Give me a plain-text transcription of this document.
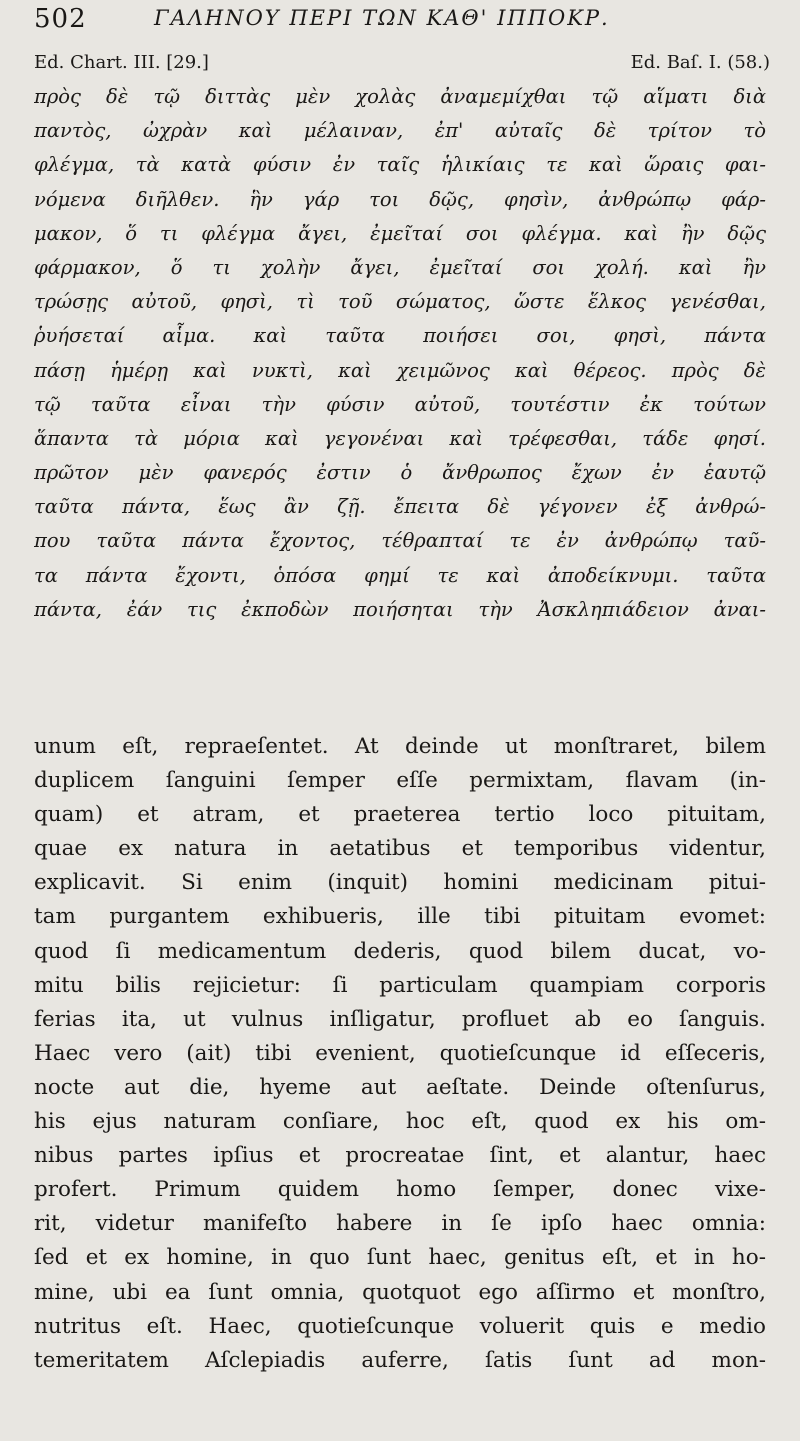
502	ΓΑΛΗΝΟΥ ΠΕΡΙ ΤΩΝ ΚΑΘ' ΙΠΠΟΚΡ.
Ed. Chart. III. [29.]	Ed. Baſ. I. (58.)
πρὸς δὲ τῷ διττὰς μὲν χολὰς ἀναμεμίχθαι τῷ αἵματι διὰ
παντὸς, ὠχρὰν καὶ μέλαιναν, ἐπ' αὐταῖς δὲ τρίτον τὸ
φλέγμα, τὰ κατὰ φύσιν ἐν ταῖς ἡλικίαις τε καὶ ὥραις φαι-
νόμενα διῆλθεν. ἣν γάρ τοι δῷς, φησὶν, ἀνθρώπῳ φάρ-
μακον, ὅ τι φλέγμα ἄγει, ἐμεῖταί σοι φλέγμα. καὶ ἢν δῷς
φάρμακον, ὅ τι χολὴν ἄγει, ἐμεῖταί σοι χολή. καὶ ἢν
τρώσῃς αὐτοῦ, φησὶ, τὶ τοῦ σώματος, ὥστε ἕλκος γενέσθαι,
ῥυήσεταί αἷμα. καὶ ταῦτα ποιήσει σοι, φησὶ, πάντα
πάσῃ ἡμέρῃ καὶ νυκτὶ, καὶ χειμῶνος καὶ θέρεος. πρὸς δὲ
τῷ ταῦτα εἶναι τὴν φύσιν αὐτοῦ, τουτέστιν ἐκ τούτων
ἅπαντα τὰ μόρια καὶ γεγονέναι καὶ τρέφεσθαι, τάδε φησί.
πρῶτον μὲν φανερός ἐστιν ὁ ἄνθρωπος ἔχων ἐν ἑαυτῷ
ταῦτα πάντα, ἕως ἂν ζῇ. ἔπειτα δὲ γέγονεν ἐξ ἀνθρώ-
που ταῦτα πάντα ἔχοντος, τέθραπταί τε ἐν ἀνθρώπῳ ταῦ-
τα πάντα ἔχοντι, ὁπόσα φημί τε καὶ ἀποδείκνυμι. ταῦτα
πάντα, ἐάν τις ἐκποδὼν ποιήσηται τὴν Ἀσκληπιάδειον ἀναι-
unum eſt, repraeſentet. At deinde ut monſtraret, bilem
duplicem ſanguini ſemper eſſe permixtam, flavam (in-
quam) et atram, et praeterea tertio loco pituitam,
quae ex natura in aetatibus et temporibus videntur,
explicavit. Si enim (inquit) homini medicinam pitui-
tam purgantem exhibueris, ille tibi pituitam evomet:
quod ſi medicamentum dederis, quod bilem ducat, vo-
mitu bilis rejicietur: ſi particulam quampiam corporis
ferias ita, ut vulnus inſligatur, profluet ab eo ſanguis.
Haec vero (ait) tibi evenient, quotieſcunque id eſſeceris,
nocte aut die, hyeme aut aeſtate. Deinde oſtenſurus,
his ejus naturam conſiare, hoc eſt, quod ex his om-
nibus partes ipſius et procreatae ſint, et alantur, haec
profert. Primum quidem homo ſemper, donec vixe-
rit, videtur manifeſto habere in ſe ipſo haec omnia:
ſed et ex homine, in quo ſunt haec, genitus eſt, et in ho-
mine, ubi ea ſunt omnia, quotquot ego aſſirmo et monſtro,
nutritus eſt. Haec, quotieſcunque voluerit quis e medio
temeritatem Aſclepiadis auferre, ſatis ſunt ad mon-
